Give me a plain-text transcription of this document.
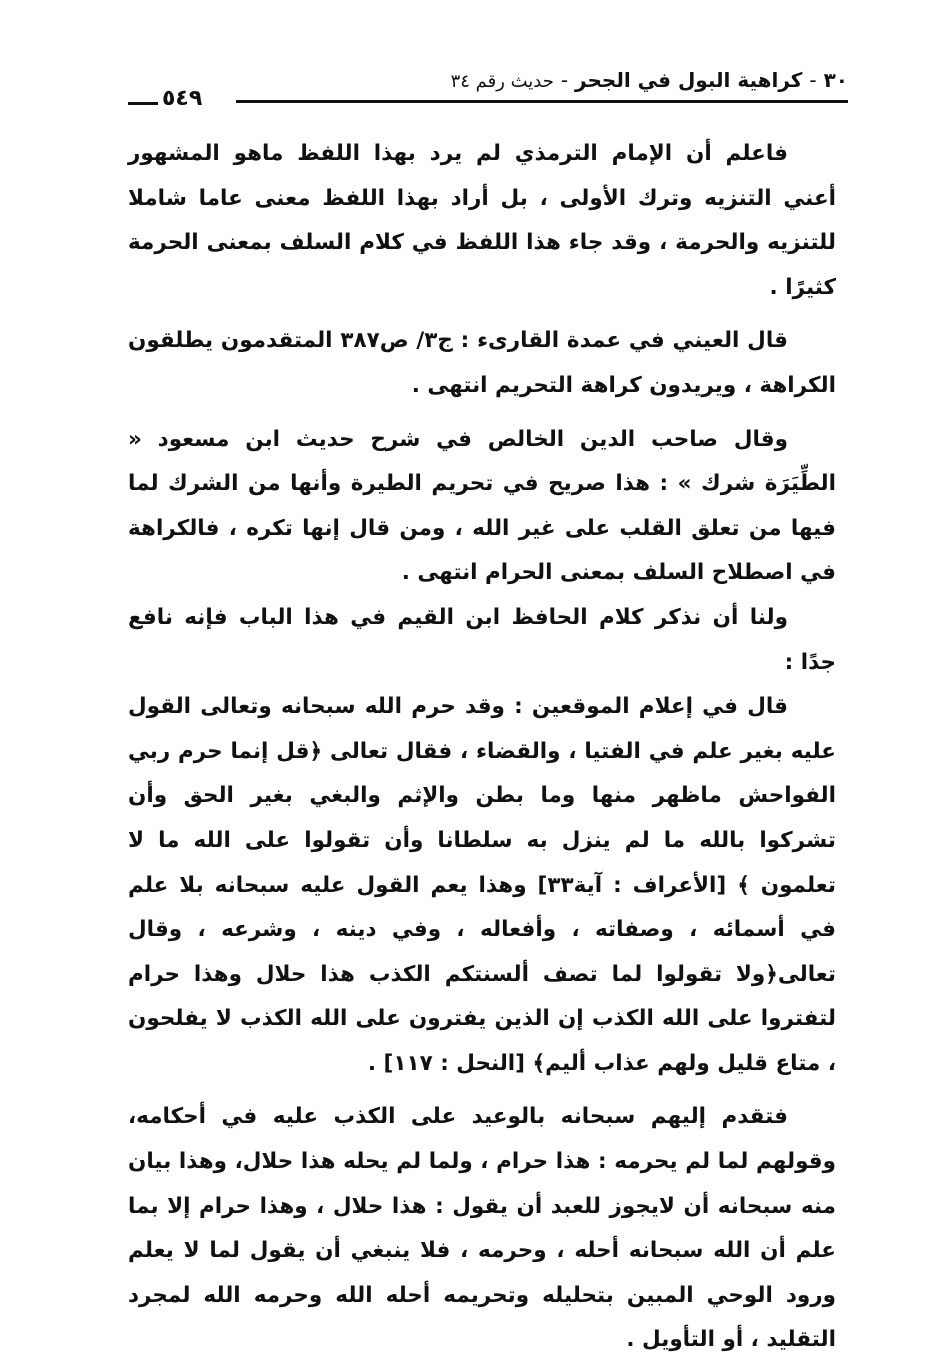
٣٠ - كراهية البول في الجحر - حديث رقم ٣٤
٥٤٩

فاعلم أن الإمام الترمذي لم يرد بهذا اللفظ ماهو المشهور أعني التنزيه وترك الأولى ، بل أراد بهذا اللفظ معنى عاما شاملا للتنزيه والحرمة ، وقد جاء هذا اللفظ في كلام السلف بمعنى الحرمة كثيرًا .

قال العيني في عمدة القارىء : ج٣/ ص٣٨٧ المتقدمون يطلقون الكراهة ، ويريدون كراهة التحريم انتهى .

وقال صاحب الدين الخالص في شرح حديث ابن مسعود « الطِّيَرَة شرك » : هذا صريح في تحريم الطيرة وأنها من الشرك لما فيها من تعلق القلب على غير الله ، ومن قال إنها تكره ، فالكراهة في اصطلاح السلف بمعنى الحرام انتهى .

ولنا أن نذكر كلام الحافظ ابن القيم في هذا الباب فإنه نافع جدًا :

قال في إعلام الموقعين : وقد حرم الله سبحانه وتعالى القول عليه بغير علم في الفتيا ، والقضاء ، فقال تعالى ﴿قل إنما حرم ربي الفواحش ماظهر منها وما بطن والإثم والبغي بغير الحق وأن تشركوا بالله ما لم ينزل به سلطانا وأن تقولوا على الله ما لا تعلمون ﴾ [الأعراف : آية٣٣] وهذا يعم القول عليه سبحانه بلا علم في أسمائه ، وصفاته ، وأفعاله ، وفي دينه ، وشرعه ، وقال تعالى﴿ولا تقولوا لما تصف ألسنتكم الكذب هذا حلال وهذا حرام لتفتروا على الله الكذب إن الذين يفترون على الله الكذب لا يفلحون ، متاع قليل ولهم عذاب أليم﴾ [النحل : ١١٧] .

فتقدم إليهم سبحانه بالوعيد على الكذب عليه في أحكامه، وقولهم لما لم يحرمه : هذا حرام ، ولما لم يحله هذا حلال، وهذا بيان منه سبحانه أن لايجوز للعبد أن يقول : هذا حلال ، وهذا حرام إلا بما علم أن الله سبحانه أحله ، وحرمه ، فلا ينبغي أن يقول لما لا يعلم ورود الوحي المبين بتحليله وتحريمه أحله الله وحرمه الله لمجرد التقليد ، أو التأويل .
